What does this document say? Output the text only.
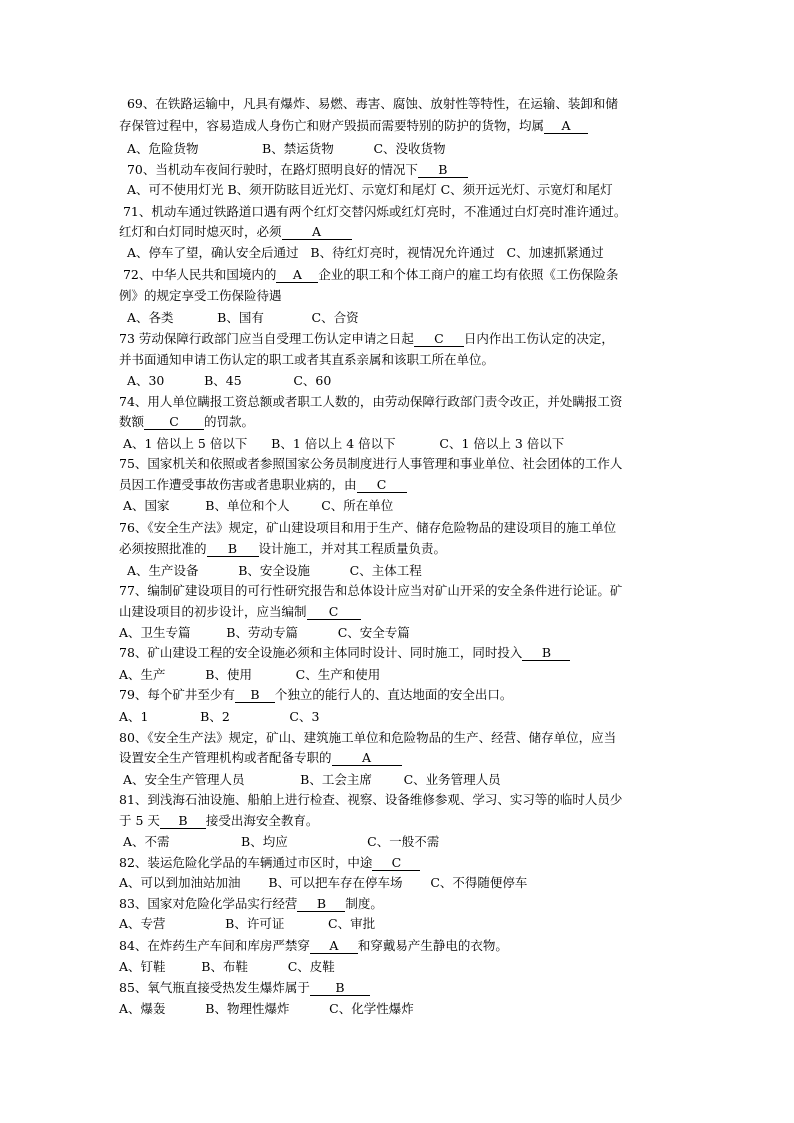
69、在铁路运输中，凡具有爆炸、易燃、毒害、腐蚀、放射性等特性，在运输、装卸和储
存保管过程中，容易造成人身伤亡和财产毁损而需要特别的防护的货物，均属 A
A、危险货物                B、禁运货物          C、没收货物
70、当机动车夜间行驶时，在路灯照明良好的情况下 B
A、可不使用灯光 B、须开防眩目近光灯、示宽灯和尾灯 C、须开远光灯、示宽灯和尾灯
71、机动车通过铁路道口遇有两个红灯交替闪烁或红灯亮时，不准通过白灯亮时准许通过。
红灯和白灯同时熄灭时，必须 A
A、停车了望，确认安全后通过   B、待红灯亮时，视情况允许通过   C、加速抓紧通过
72、中华人民共和国境内的 A 企业的职工和个体工商户的雇工均有依照《工伤保险条
例》的规定享受工伤保险待遇
A、各类           B、国有            C、合资
73 劳动保障行政部门应当自受理工伤认定申请之日起 C 日内作出工伤认定的决定，
并书面通知申请工伤认定的职工或者其直系亲属和该职工所在单位。
A、30          B、45             C、60
74、用人单位瞒报工资总额或者职工人数的，由劳动保障行政部门责令改正，并处瞒报工资
数额 C 的罚款。
A、1 倍以上 5 倍以下      B、1 倍以上 4 倍以下           C、1 倍以上 3 倍以下
75、国家机关和依照或者参照国家公务员制度进行人事管理和事业单位、社会团体的工作人
员因工作遭受事故伤害或者患职业病的，由 C
A、国家         B、单位和个人        C、所在单位
76、《安全生产法》规定，矿山建设项目和用于生产、储存危险物品的建设项目的施工单位
必须按照批准的 B 设计施工，并对其工程质量负责。
A、生产设备          B、安全设施          C、主体工程
77、编制矿建设项目的可行性研究报告和总体设计应当对矿山开采的安全条件进行论证。矿
山建设项目的初步设计，应当编制 C
A、卫生专篇         B、劳动专篇          C、安全专篇
78、矿山建设工程的安全设施必须和主体同时设计、同时施工，同时投入 B
A、生产          B、使用           C、生产和使用
79、每个矿井至少有 B 个独立的能行人的、直达地面的安全出口。
A、1             B、2               C、3
80、《安全生产法》规定，矿山、建筑施工单位和危险物品的生产、经营、储存单位，应当
设置安全生产管理机构或者配备专职的 A
A、安全生产管理人员              B、工会主席        C、业务管理人员
81、到浅海石油设施、船舶上进行检查、视察、设备维修参观、学习、实习等的临时人员少
于 5 天 B 接受出海安全教育。
A、不需                  B、均应                    C、一般不需
82、装运危险化学品的车辆通过市区时，中途 C
A、可以到加油站加油       B、可以把车存在停车场       C、不得随便停车
83、国家对危险化学品实行经营 B 制度。
A、专营               B、许可证           C、审批
84、在炸药生产车间和库房严禁穿 A 和穿戴易产生静电的衣物。
A、钉鞋         B、布鞋          C、皮鞋
85、氧气瓶直接受热发生爆炸属于 B
A、爆轰          B、物理性爆炸          C、化学性爆炸
